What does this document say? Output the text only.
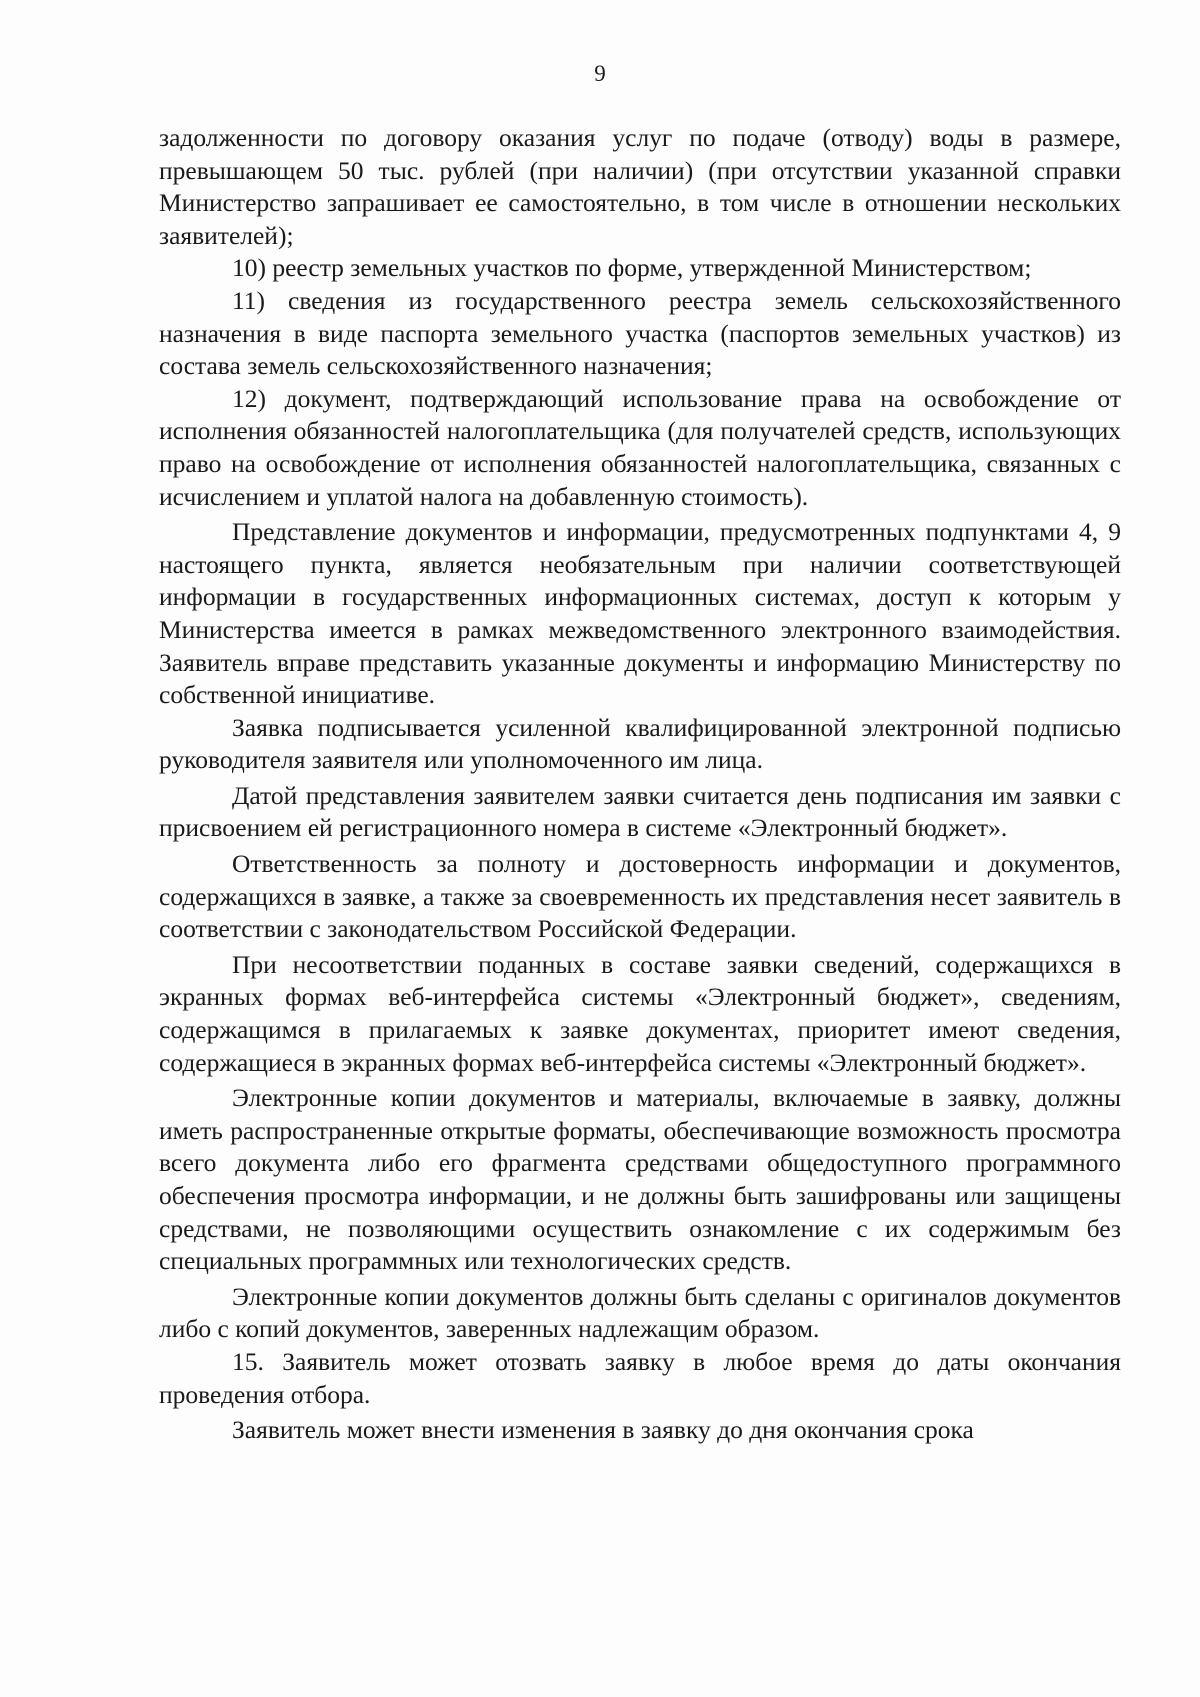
9

задолженности по договору оказания услуг по подаче (отводу) воды в размере, превышающем 50 тыс. рублей (при наличии) (при отсутствии указанной справки Министерство запрашивает ее самостоятельно, в том числе в отношении нескольких заявителей);

10) реестр земельных участков по форме, утвержденной Министерством;

11) сведения из государственного реестра земель сельскохозяйственного назначения в виде паспорта земельного участка (паспортов земельных участков) из состава земель сельскохозяйственного назначения;

12) документ, подтверждающий использование права на освобождение от исполнения обязанностей налогоплательщика (для получателей средств, использующих право на освобождение от исполнения обязанностей налогоплательщика, связанных с исчислением и уплатой налога на добавленную стоимость).

Представление документов и информации, предусмотренных подпунктами 4, 9 настоящего пункта, является необязательным при наличии соответствующей информации в государственных информационных системах, доступ к которым у Министерства имеется в рамках межведомственного электронного взаимодействия. Заявитель вправе представить указанные документы и информацию Министерству по собственной инициативе.

Заявка подписывается усиленной квалифицированной электронной подписью руководителя заявителя или уполномоченного им лица.

Датой представления заявителем заявки считается день подписания им заявки с присвоением ей регистрационного номера в системе «Электронный бюджет».

Ответственность за полноту и достоверность информации и документов, содержащихся в заявке, а также за своевременность их представления несет заявитель в соответствии с законодательством Российской Федерации.

При несоответствии поданных в составе заявки сведений, содержащихся в экранных формах веб-интерфейса системы «Электронный бюджет», сведениям, содержащимся в прилагаемых к заявке документах, приоритет имеют сведения, содержащиеся в экранных формах веб-интерфейса системы «Электронный бюджет».

Электронные копии документов и материалы, включаемые в заявку, должны иметь распространенные открытые форматы, обеспечивающие возможность просмотра всего документа либо его фрагмента средствами общедоступного программного обеспечения просмотра информации, и не должны быть зашифрованы или защищены средствами, не позволяющими осуществить ознакомление с их содержимым без специальных программных или технологических средств.

Электронные копии документов должны быть сделаны с оригиналов документов либо с копий документов, заверенных надлежащим образом.

15. Заявитель может отозвать заявку в любое время до даты окончания проведения отбора.

Заявитель может внести изменения в заявку до дня окончания срока
